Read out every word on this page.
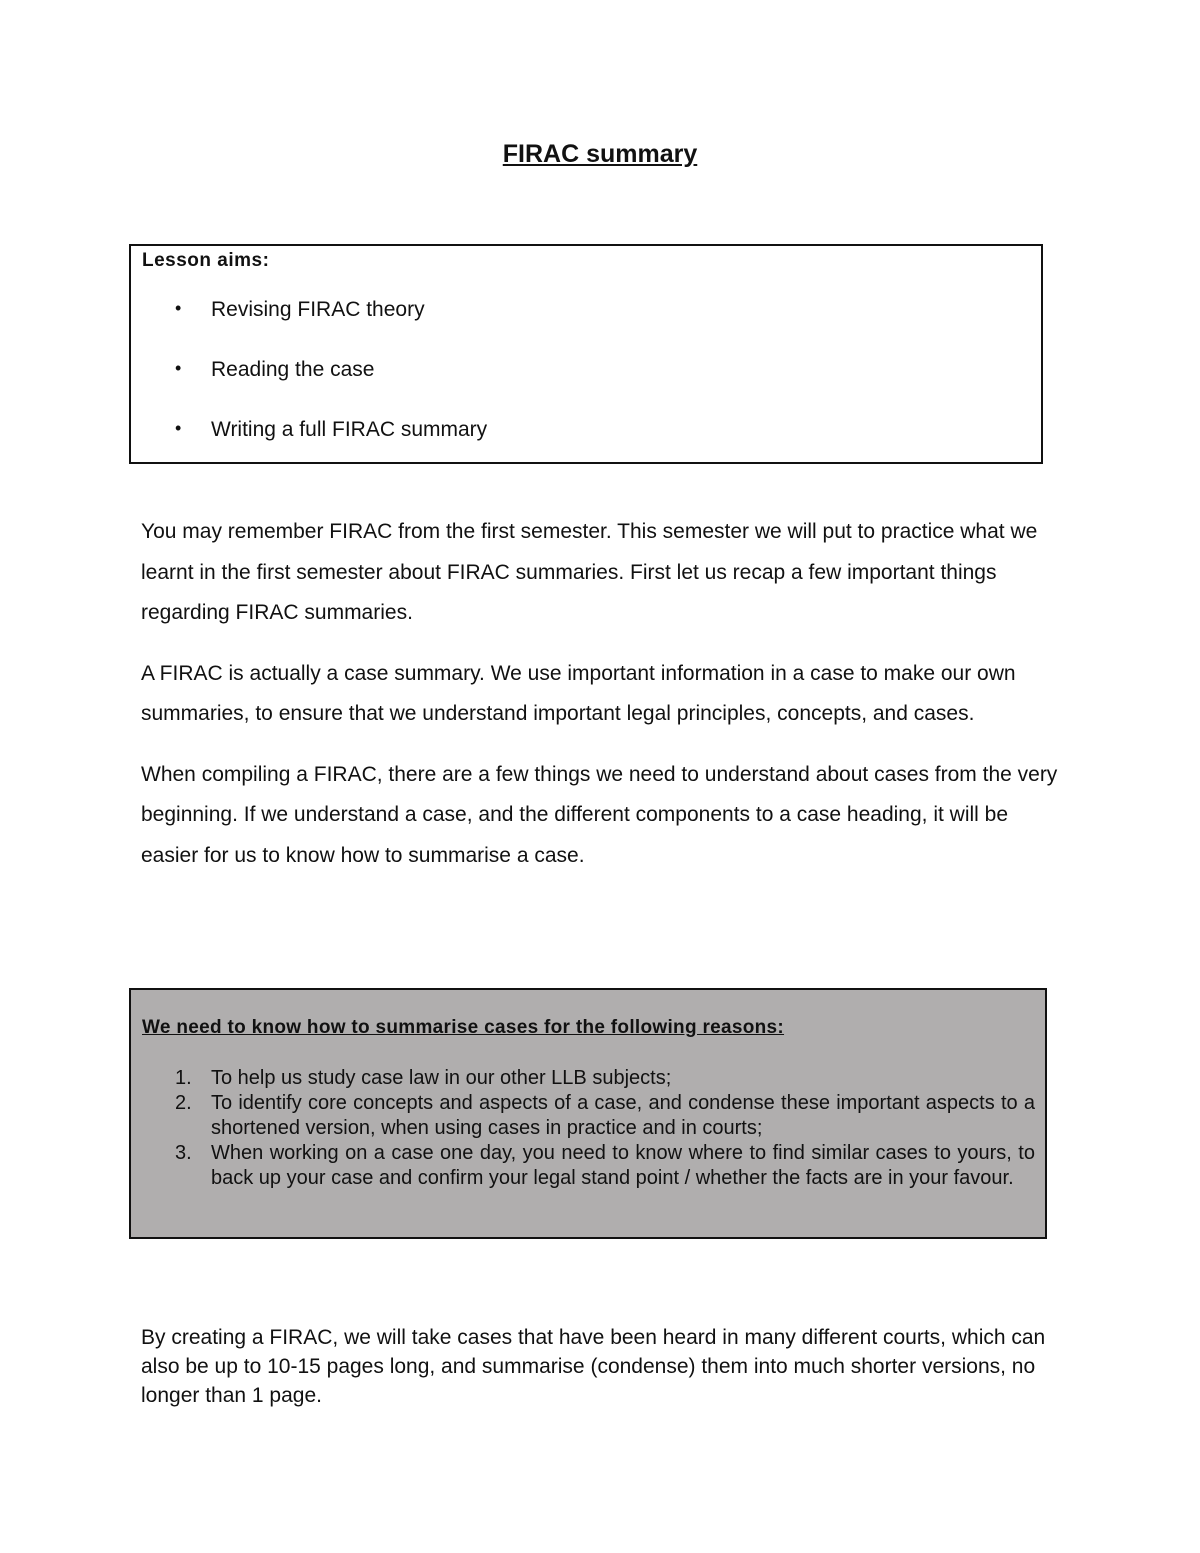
FIRAC summary
Lesson aims:
• Revising FIRAC theory
• Reading the case
• Writing a full FIRAC summary

You may remember FIRAC from the first semester. This semester we will put to practice what we learnt in the first semester about FIRAC summaries. First let us recap a few important things regarding FIRAC summaries.

A FIRAC is actually a case summary. We use important information in a case to make our own summaries, to ensure that we understand important legal principles, concepts, and cases.

When compiling a FIRAC, there are a few things we need to understand about cases from the very beginning. If we understand a case, and the different components to a case heading, it will be easier for us to know how to summarise a case.

We need to know how to summarise cases for the following reasons:
1. To help us study case law in our other LLB subjects;
2. To identify core concepts and aspects of a case, and condense these important aspects to a shortened version, when using cases in practice and in courts;
3. When working on a case one day, you need to know where to find similar cases to yours, to back up your case and confirm your legal stand point / whether the facts are in your favour.

By creating a FIRAC, we will take cases that have been heard in many different courts, which can also be up to 10-15 pages long, and summarise (condense) them into much shorter versions, no longer than 1 page.
